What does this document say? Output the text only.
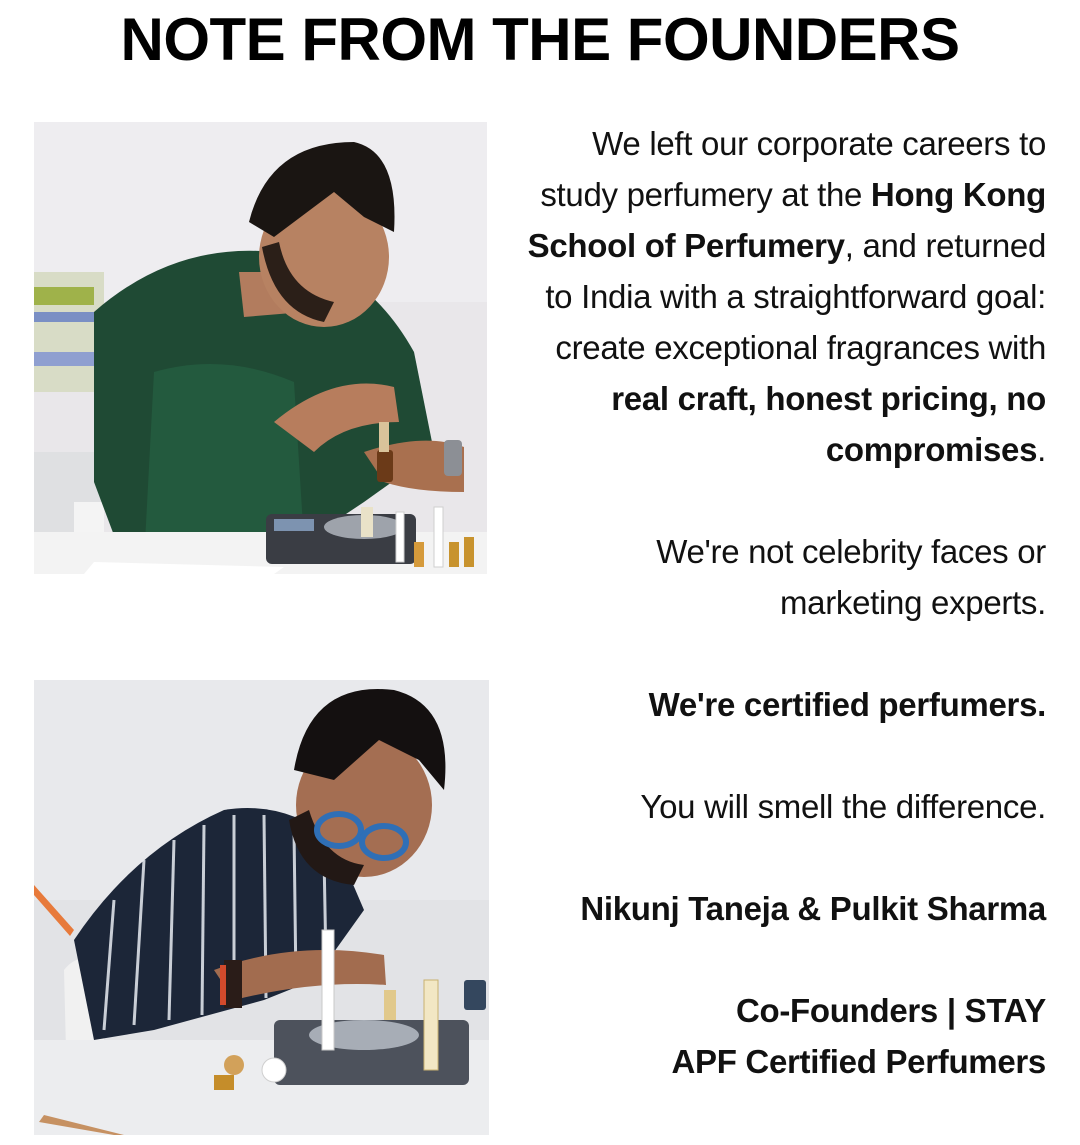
NOTE FROM THE FOUNDERS

We left our corporate careers to study perfumery at the Hong Kong School of Perfumery, and returned to India with a straightforward goal: create exceptional fragrances with real craft, honest pricing, no compromises.

We're not celebrity faces or marketing experts.

We're certified perfumers.

You will smell the difference.

Nikunj Taneja & Pulkit Sharma

Co-Founders | STAY

APF Certified Perfumers
